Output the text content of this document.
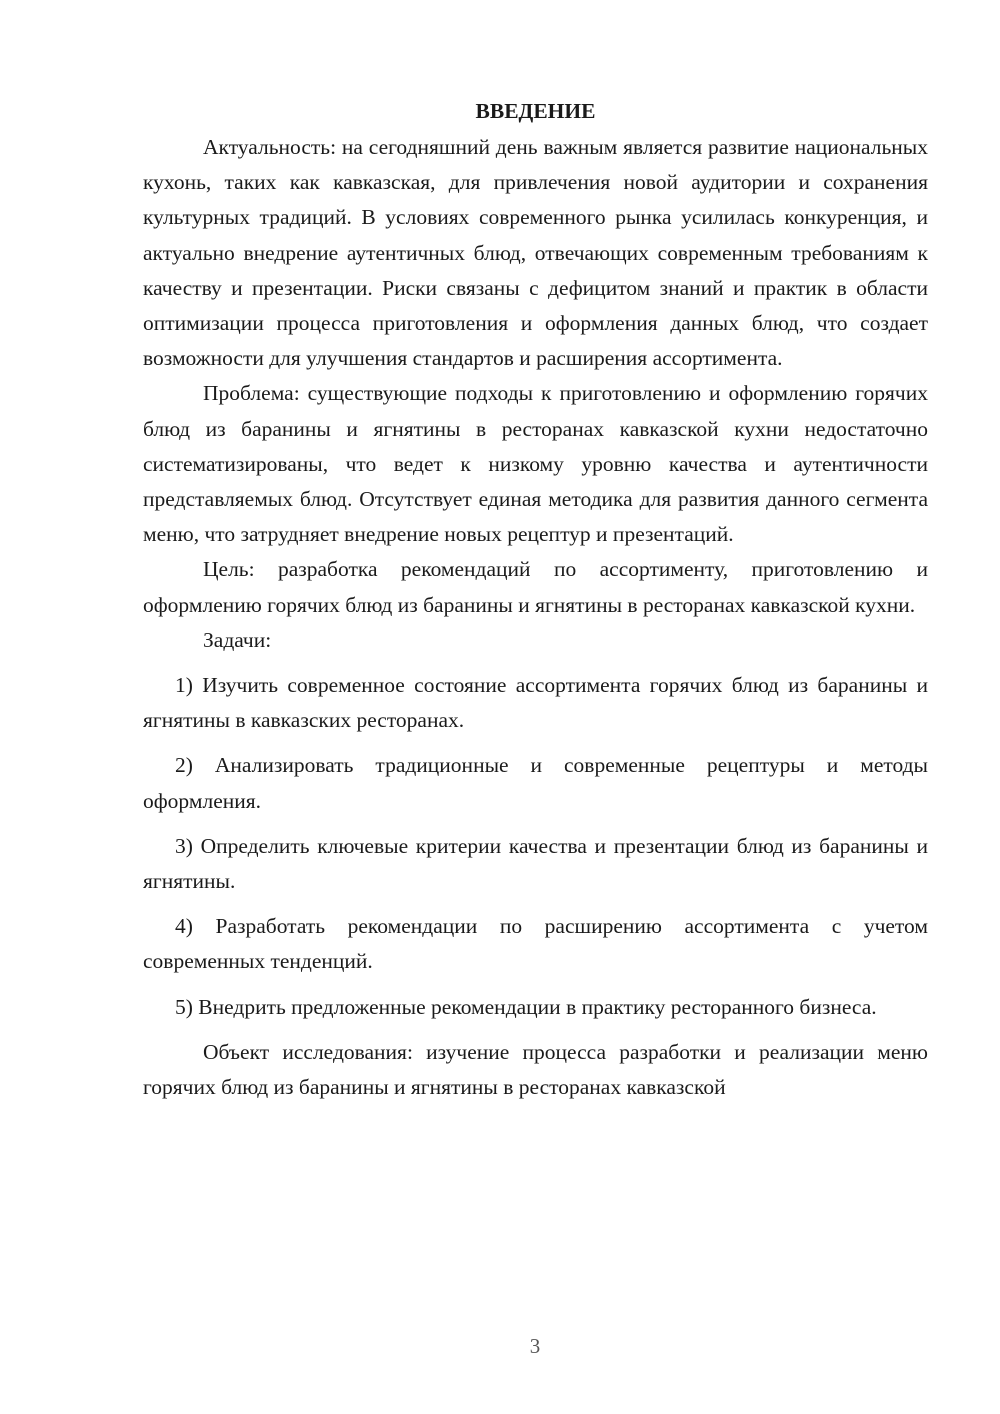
ВВЕДЕНИЕ

Актуальность: на сегодняшний день важным является развитие национальных кухонь, таких как кавказская, для привлечения новой аудитории и сохранения культурных традиций. В условиях современного рынка усилилась конкуренция, и актуально внедрение аутентичных блюд, отвечающих современным требованиям к качеству и презентации. Риски связаны с дефицитом знаний и практик в области оптимизации процесса приготовления и оформления данных блюд, что создает возможности для улучшения стандартов и расширения ассортимента.

Проблема: существующие подходы к приготовлению и оформлению горячих блюд из баранины и ягнятины в ресторанах кавказской кухни недостаточно систематизированы, что ведет к низкому уровню качества и аутентичности представляемых блюд. Отсутствует единая методика для развития данного сегмента меню, что затрудняет внедрение новых рецептур и презентаций.

Цель: разработка рекомендаций по ассортименту, приготовлению и оформлению горячих блюд из баранины и ягнятины в ресторанах кавказской кухни.

Задачи:

1) Изучить современное состояние ассортимента горячих блюд из баранины и ягнятины в кавказских ресторанах.

2) Анализировать традиционные и современные рецептуры и методы оформления.

3) Определить ключевые критерии качества и презентации блюд из баранины и ягнятины.

4) Разработать рекомендации по расширению ассортимента с учетом современных тенденций.

5) Внедрить предложенные рекомендации в практику ресторанного бизнеса.

Объект исследования: изучение процесса разработки и реализации меню горячих блюд из баранины и ягнятины в ресторанах кавказской

3
